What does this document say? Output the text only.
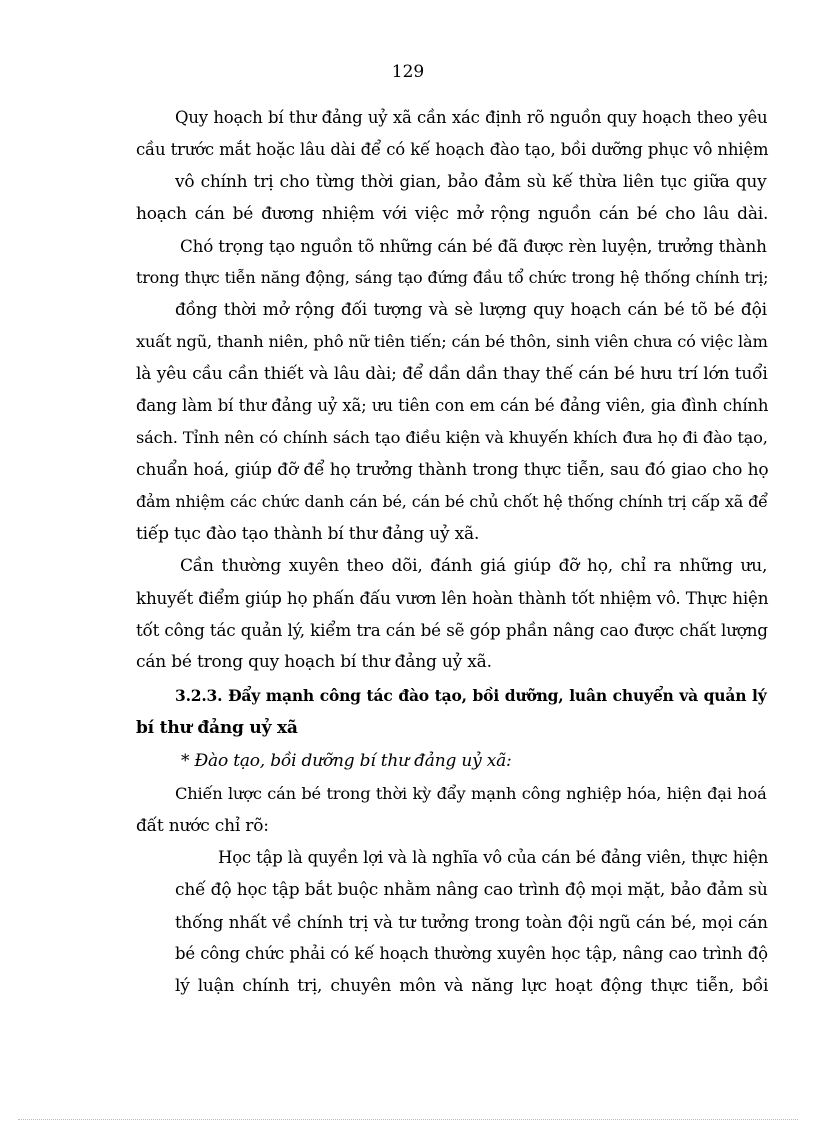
129
Quy hoạch bí thư đảng uỷ xã cần xác định rõ nguồn quy hoạch theo yêu
cầu trước mắt hoặc lâu dài để có kế hoạch đào tạo, bồi dưỡng phục vô nhiệm
vô chính trị cho từng thời gian, bảo đảm sù kế thừa liên tục giữa quy
hoạch cán bé đương nhiệm với việc mở rộng nguồn cán bé cho lâu dài.
Chó trọng tạo nguồn tõ những cán bé đã được rèn luyện, trưởng thành
trong thực tiễn năng động, sáng tạo đứng đầu tổ chức trong hệ thống chính trị;
đồng thời mở rộng đối tượng và sè lượng quy hoạch cán bé tõ bé đội
xuất ngũ, thanh niên, phô nữ tiên tiến; cán bé thôn, sinh viên chưa có việc làm
là yêu cầu cần thiết và lâu dài; để dần dần thay thế cán bé hưu trí lớn tuổi
đang làm bí thư đảng uỷ xã; ưu tiên con em cán bé đảng viên, gia đình chính
sách. Tỉnh nên có chính sách tạo điều kiện và khuyến khích đưa họ đi đào tạo,
chuẩn hoá, giúp đỡ để họ trưởng thành trong thực tiễn, sau đó giao cho họ
đảm nhiệm các chức danh cán bé, cán bé chủ chốt hệ thống chính trị cấp xã để
tiếp tục đào tạo thành bí thư đảng uỷ xã.
Cần thường xuyên theo dõi, đánh giá giúp đỡ họ, chỉ ra những ưu,
khuyết điểm giúp họ phấn đấu vươn lên hoàn thành tốt nhiệm vô. Thực hiện
tốt công tác quản lý, kiểm tra cán bé sẽ góp phần nâng cao được chất lượng
cán bé trong quy hoạch bí thư đảng uỷ xã.
3.2.3. Đẩy mạnh công tác đào tạo, bồi dưỡng, luân chuyển và quản lý
bí thư đảng uỷ xã
* Đào tạo, bồi dưỡng bí thư đảng uỷ xã:
Chiến lược cán bé trong thời kỳ đẩy mạnh công nghiệp hóa, hiện đại hoá
đất nước chỉ rõ:
Học tập là quyền lợi và là nghĩa vô của cán bé đảng viên, thực hiện
chế độ học tập bắt buộc nhằm nâng cao trình độ mọi mặt, bảo đảm sù
thống nhất về chính trị và tư tưởng trong toàn đội ngũ cán bé, mọi cán
bé công chức phải có kế hoạch thường xuyên học tập, nâng cao trình độ
lý luận chính trị, chuyên môn và năng lực hoạt động thực tiễn, bồi
